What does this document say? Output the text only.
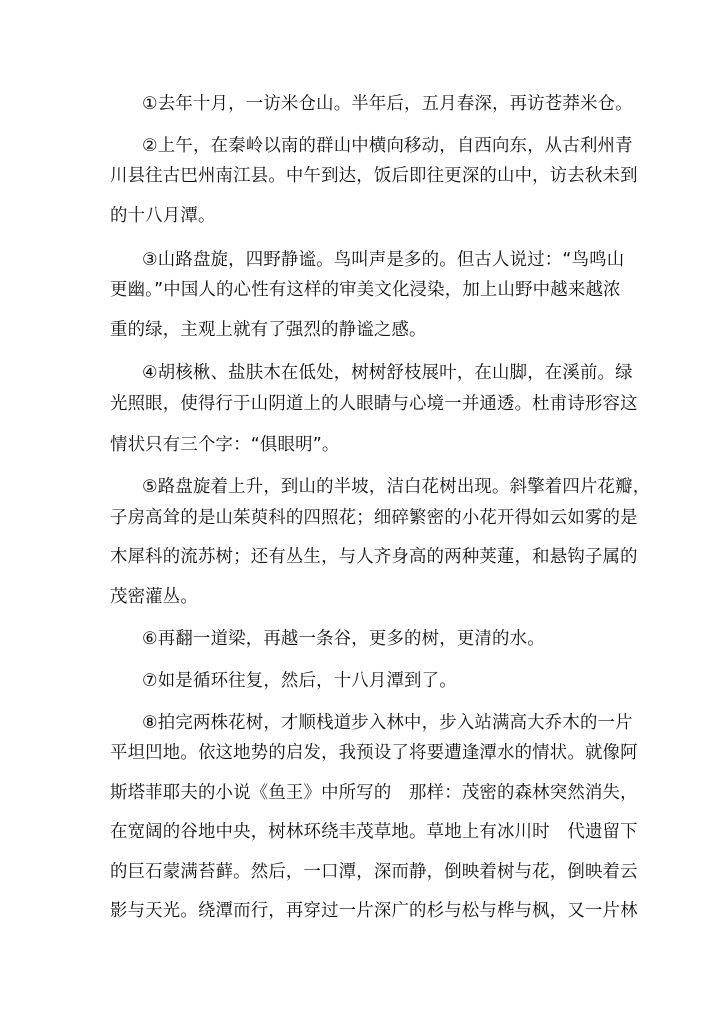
①去年十月，一访米仓山。半年后，五月春深，再访苍莽米仓。
②上午，在秦岭以南的群山中横向移动，自西向东，从古利州青
川县往古巴州南江县。中午到达，饭后即往更深的山中，访去秋未到
的十八月潭。
③山路盘旋，四野静谧。鸟叫声是多的。但古人说过：“鸟鸣山
更幽。”中国人的心性有这样的审美文化浸染，加上山野中越来越浓
重的绿，主观上就有了强烈的静谧之感。
④胡核楸、盐肤木在低处，树树舒枝展叶，在山脚，在溪前。绿
光照眼，使得行于山阴道上的人眼睛与心境一并通透。杜甫诗形容这
情状只有三个字：“俱眼明”。
⑤路盘旋着上升，到山的半坡，洁白花树出现。斜擎着四片花瓣，
子房高耸的是山茱萸科的四照花；细碎繁密的小花开得如云如雾的是
木犀科的流苏树；还有丛生，与人齐身高的两种荚蓮，和悬钩子属的
茂密灌丛。
⑥再翻一道梁，再越一条谷，更多的树，更清的水。
⑦如是循环往复，然后，十八月潭到了。
⑧拍完两株花树，才顺栈道步入林中，步入站满高大乔木的一片
平坦凹地。依这地势的启发，我预设了将要遭逢潭水的情状。就像阿
斯塔菲耶夫的小说《鱼王》中所写的　那样：茂密的森林突然消失，
在宽阔的谷地中央，树林环绕丰茂草地。草地上有冰川时　代遗留下
的巨石蒙满苔藓。然后，一口潭，深而静，倒映着树与花，倒映着云
影与天光。绕潭而行，再穿过一片深广的杉与松与桦与枫，又一片林
